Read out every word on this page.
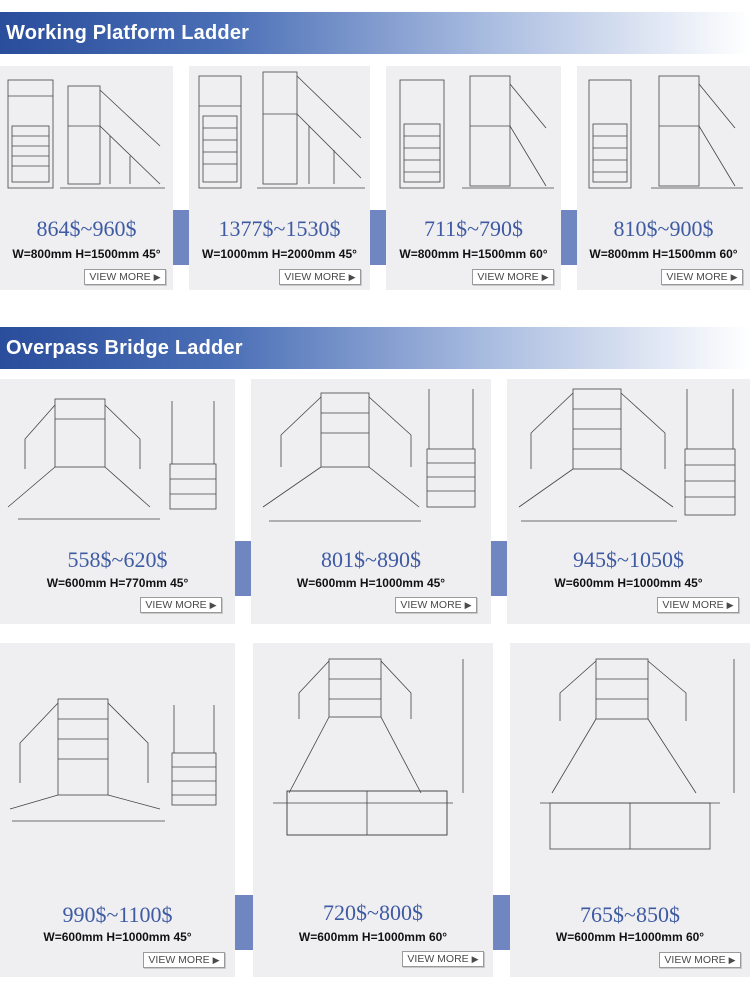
Working Platform Ladder
864$~960$
W=800mm H=1500mm 45°
VIEW MORE ▶
1377$~1530$
W=1000mm H=2000mm 45°
VIEW MORE ▶
711$~790$
W=800mm H=1500mm 60°
VIEW MORE ▶
810$~900$
W=800mm H=1500mm 60°
VIEW MORE ▶
Overpass Bridge Ladder
558$~620$
W=600mm H=770mm 45°
VIEW MORE ▶
801$~890$
W=600mm H=1000mm 45°
VIEW MORE ▶
945$~1050$
W=600mm H=1000mm 45°
VIEW MORE ▶
990$~1100$
W=600mm H=1000mm 45°
VIEW MORE ▶
720$~800$
W=600mm H=1000mm 60°
VIEW MORE ▶
765$~850$
W=600mm H=1000mm 60°
VIEW MORE ▶
